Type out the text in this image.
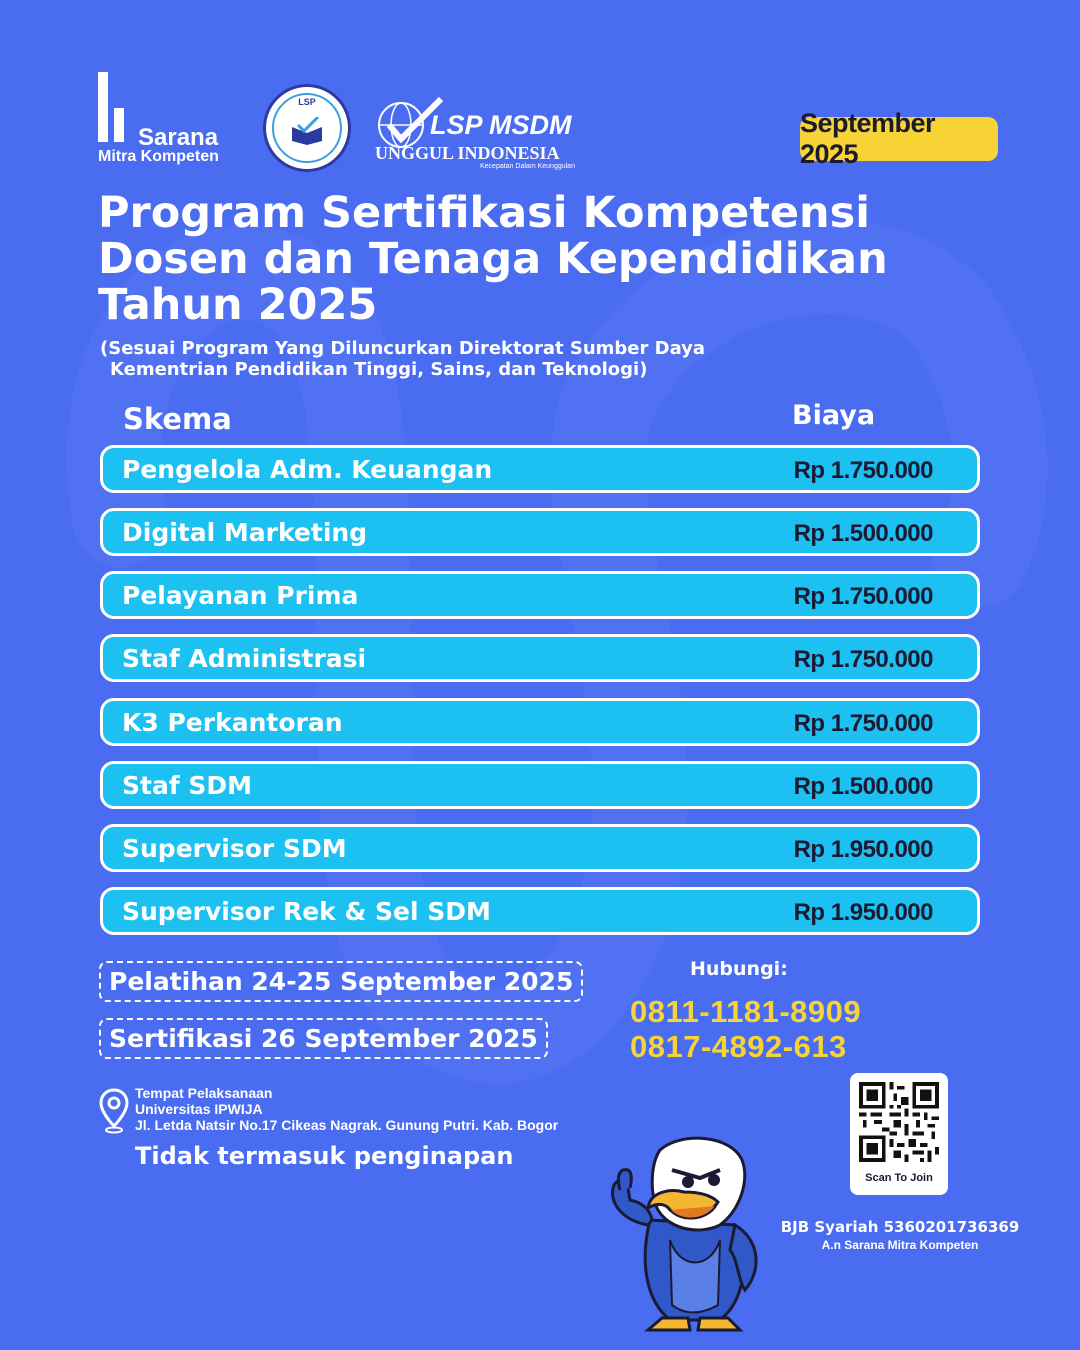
Sarana
Mitra Kompeten
LSP
LSP MSDM
UNGGUL INDONESIA
Kecepatan Dalam Keunggulan
September 2025
Program Sertifikasi Kompetensi
Dosen dan Tenaga Kependidikan
Tahun 2025
(Sesuai Program Yang Diluncurkan Direktorat Sumber Daya
Kementrian Pendidikan Tinggi, Sains, dan Teknologi)
Skema	Biaya
Pengelola Adm. Keuangan	Rp 1.750.000
Digital Marketing	Rp 1.500.000
Pelayanan Prima	Rp 1.750.000
Staf Administrasi	Rp 1.750.000
K3 Perkantoran	Rp 1.750.000
Staf SDM	Rp 1.500.000
Supervisor SDM	Rp 1.950.000
Supervisor Rek & Sel SDM	Rp 1.950.000
Pelatihan 24-25 September 2025
Sertifikasi 26 September 2025
Hubungi:
0811-1181-8909
0817-4892-613
Tempat Pelaksanaan
Universitas IPWIJA
Jl. Letda Natsir No.17 Cikeas Nagrak. Gunung Putri. Kab. Bogor
Tidak termasuk penginapan
Scan To Join
BJB Syariah 5360201736369
A.n Sarana Mitra Kompeten
